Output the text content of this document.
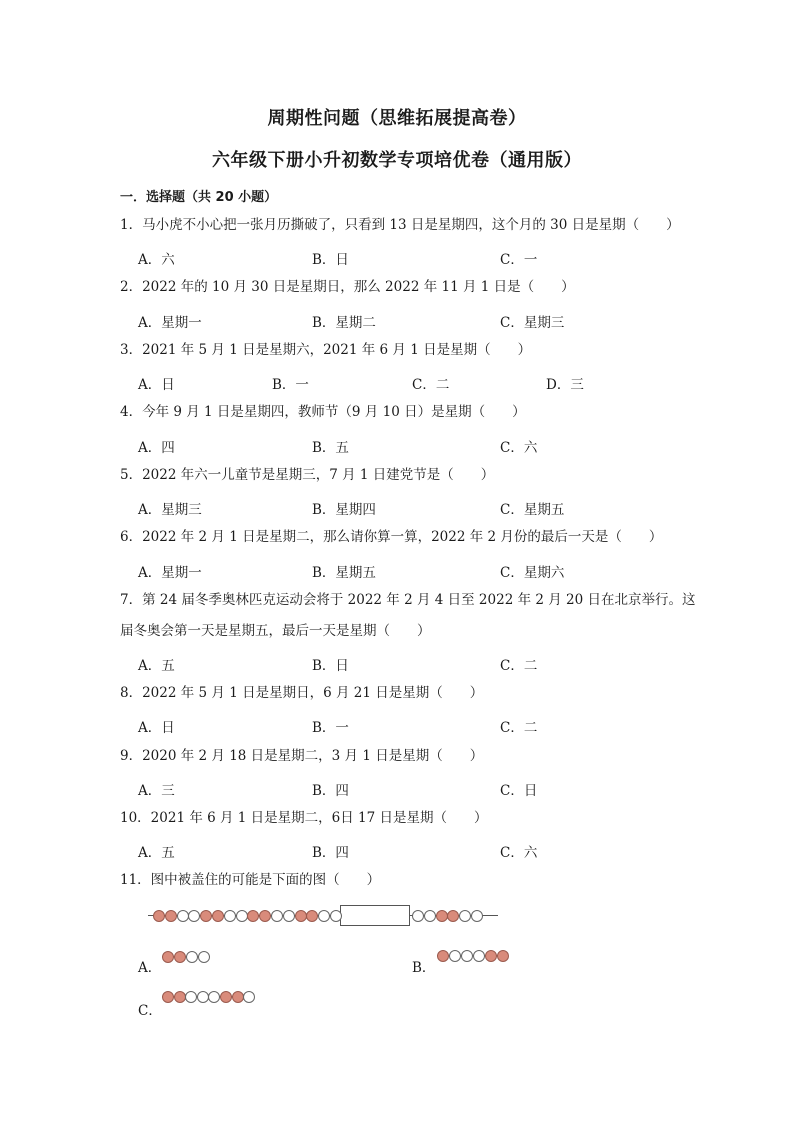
周期性问题（思维拓展提高卷）
六年级下册小升初数学专项培优卷（通用版）
一．选择题（共 20 小题）
1．马小虎不小心把一张月历撕破了，只看到 13 日是星期四，这个月的 30 日是星期（　　）
A．六	B．日	C．一
2．2022 年的 10 月 30 日是星期日，那么 2022 年 11 月 1 日是（　　）
A．星期一	B．星期二	C．星期三
3．2021 年 5 月 1 日是星期六，2021 年 6 月 1 日是星期（　　）
A．日	B．一	C．二	D．三
4．今年 9 月 1 日是星期四，教师节（9 月 10 日）是星期（　　）
A．四	B．五	C．六
5．2022 年六一儿童节是星期三，7 月 1 日建党节是（　　）
A．星期三	B．星期四	C．星期五
6．2022 年 2 月 1 日是星期二，那么请你算一算，2022 年 2 月份的最后一天是（　　）
A．星期一	B．星期五	C．星期六
7．第 24 届冬季奥林匹克运动会将于 2022 年 2 月 4 日至 2022 年 2 月 20 日在北京举行。这
届冬奥会第一天是星期五，最后一天是星期（　　）
A．五	B．日	C．二
8．2022 年 5 月 1 日是星期日，6 月 21 日是星期（　　）
A．日	B．一	C．二
9．2020 年 2 月 18 日是星期二，3 月 1 日是星期（　　）
A．三	B．四	C．日
10．2021 年 6 月 1 日是星期二，6日 17 日是星期（　　）
A．五	B．四	C．六
11．图中被盖住的可能是下面的图（　　）
A．	B．
C．
